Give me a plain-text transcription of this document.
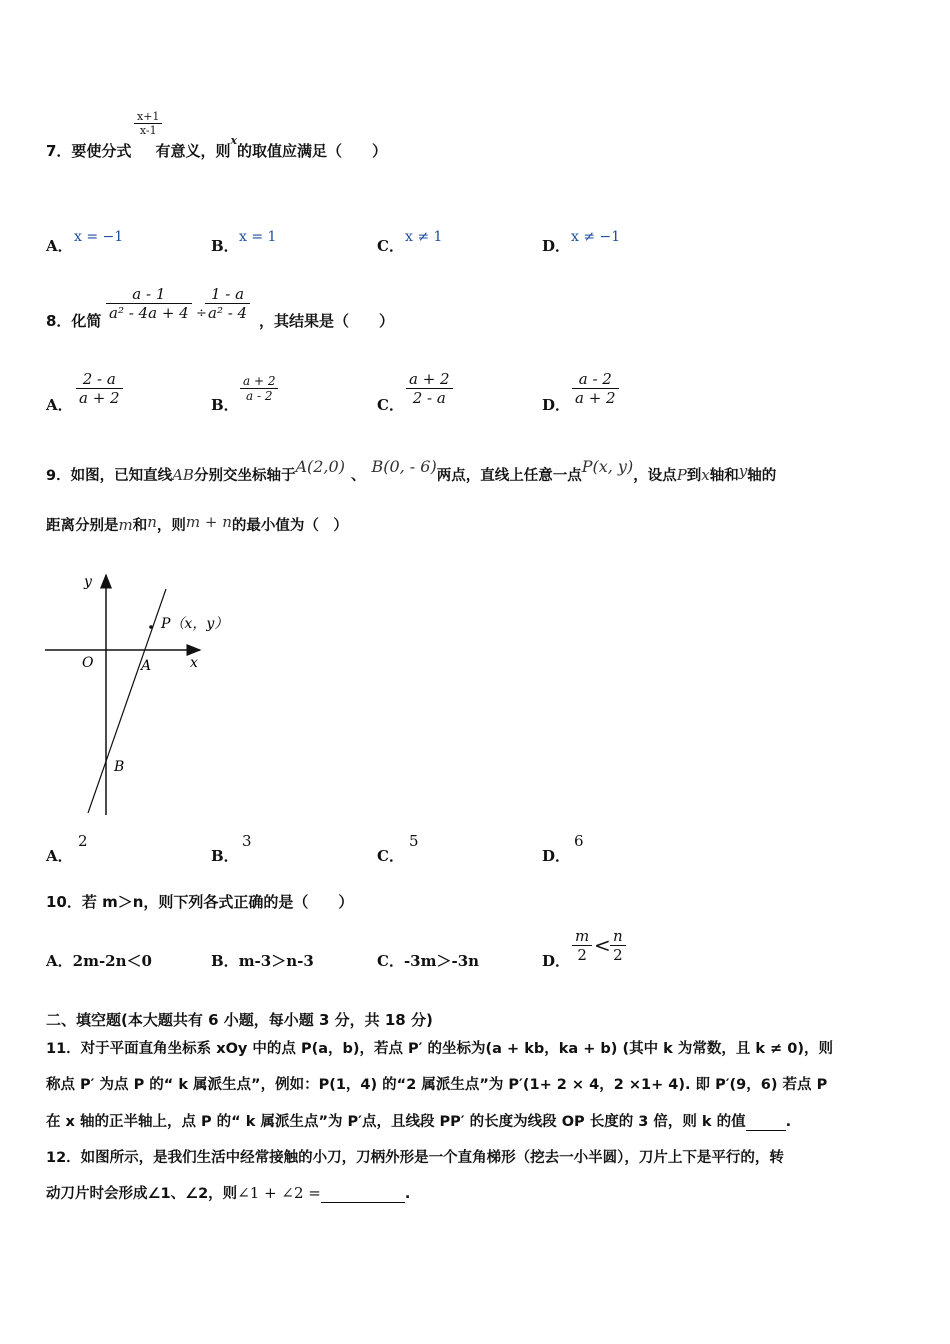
x+1
x-1
7．要使分式 有意义，则$^x$的取值应满足（　　）
A． x = −1	B． x = 1	C． x ≠ 1	D． x ≠ −1
8．化简
a - 1
a² - 4a + 4 ÷
1 - a
a² - 4 ，其结果是（　　）
A．
2 - a
a + 2	B．
a + 2
a - 2	C．
a + 2
2 - a	D．
a - 2
a + 2
9．如图，已知直线AB分别交坐标轴于A(2,0) 、 B(0, - 6)两点，直线上任意一点P(x, y)，设点P到x轴和y轴的
距离分别是m和n，则m + n的最小值为（　）
y
x
O	A
B
P（x，y）
A．
2
B．
3
C．
5
D．
6
10．若 m＞n，则下列各式正确的是（　　）
A．2m-2n＜0	B．m-3＞n-3	C．-3m＞-3n	D．
m
2 < n
2
二、填空题(本大题共有 6 小题，每小题 3 分，共 18 分)
11．对于平面直角坐标系 xOy 中的点 P(a，b)，若点 P′ 的坐标为(a + kb，ka + b) (其中 k 为常数，且 k ≠ 0)，则
称点 P′ 为点 P 的“ k 属派生点”，例如：P(1，4) 的“2 属派生点”为 P′(1+ 2 × 4，2 ×1+ 4). 即 P′(9，6) 若点 P
在 x 轴的正半轴上，点 P 的“ k 属派生点”为 P′点，且线段 PP′ 的长度为线段 OP 长度的 3 倍，则 k 的值	.
12．如图所示，是我们生活中经常接触的小刀，刀柄外形是一个直角梯形（挖去一小半圆），刀片上下是平行的，转
动刀片时会形成∠1、∠2，则∠1 + ∠2 =	.
